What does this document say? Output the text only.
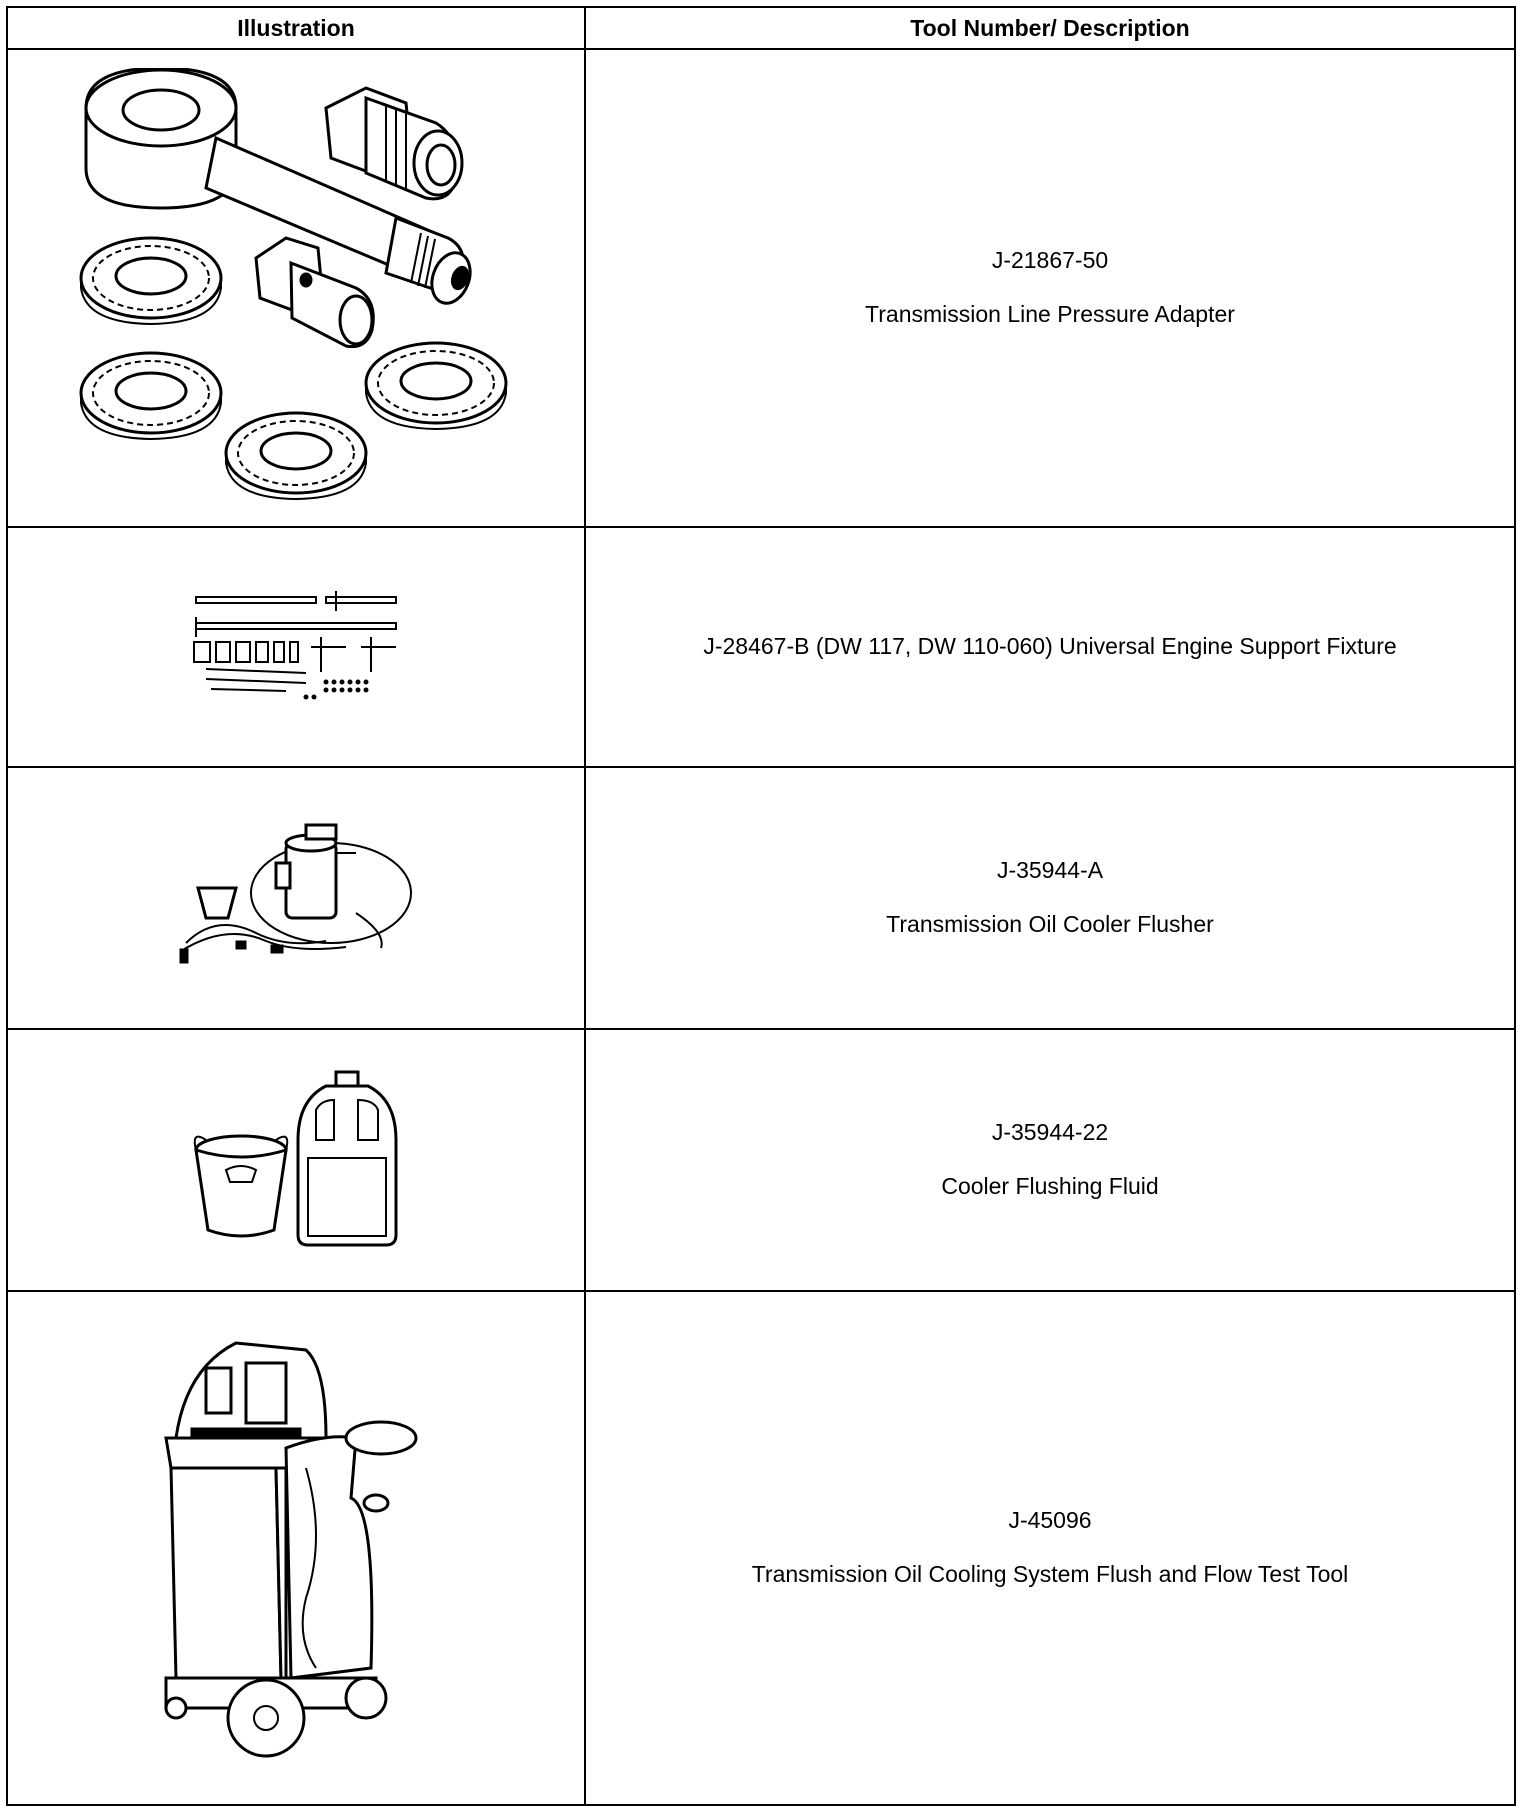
Illustration	Tool Number/ Description

J-21867-50
Transmission Line Pressure Adapter

J-28467-B (DW 117, DW 110-060) Universal Engine Support Fixture

J-35944-A
Transmission Oil Cooler Flusher

J-35944-22
Cooler Flushing Fluid

J-45096
Transmission Oil Cooling System Flush and Flow Test Tool
